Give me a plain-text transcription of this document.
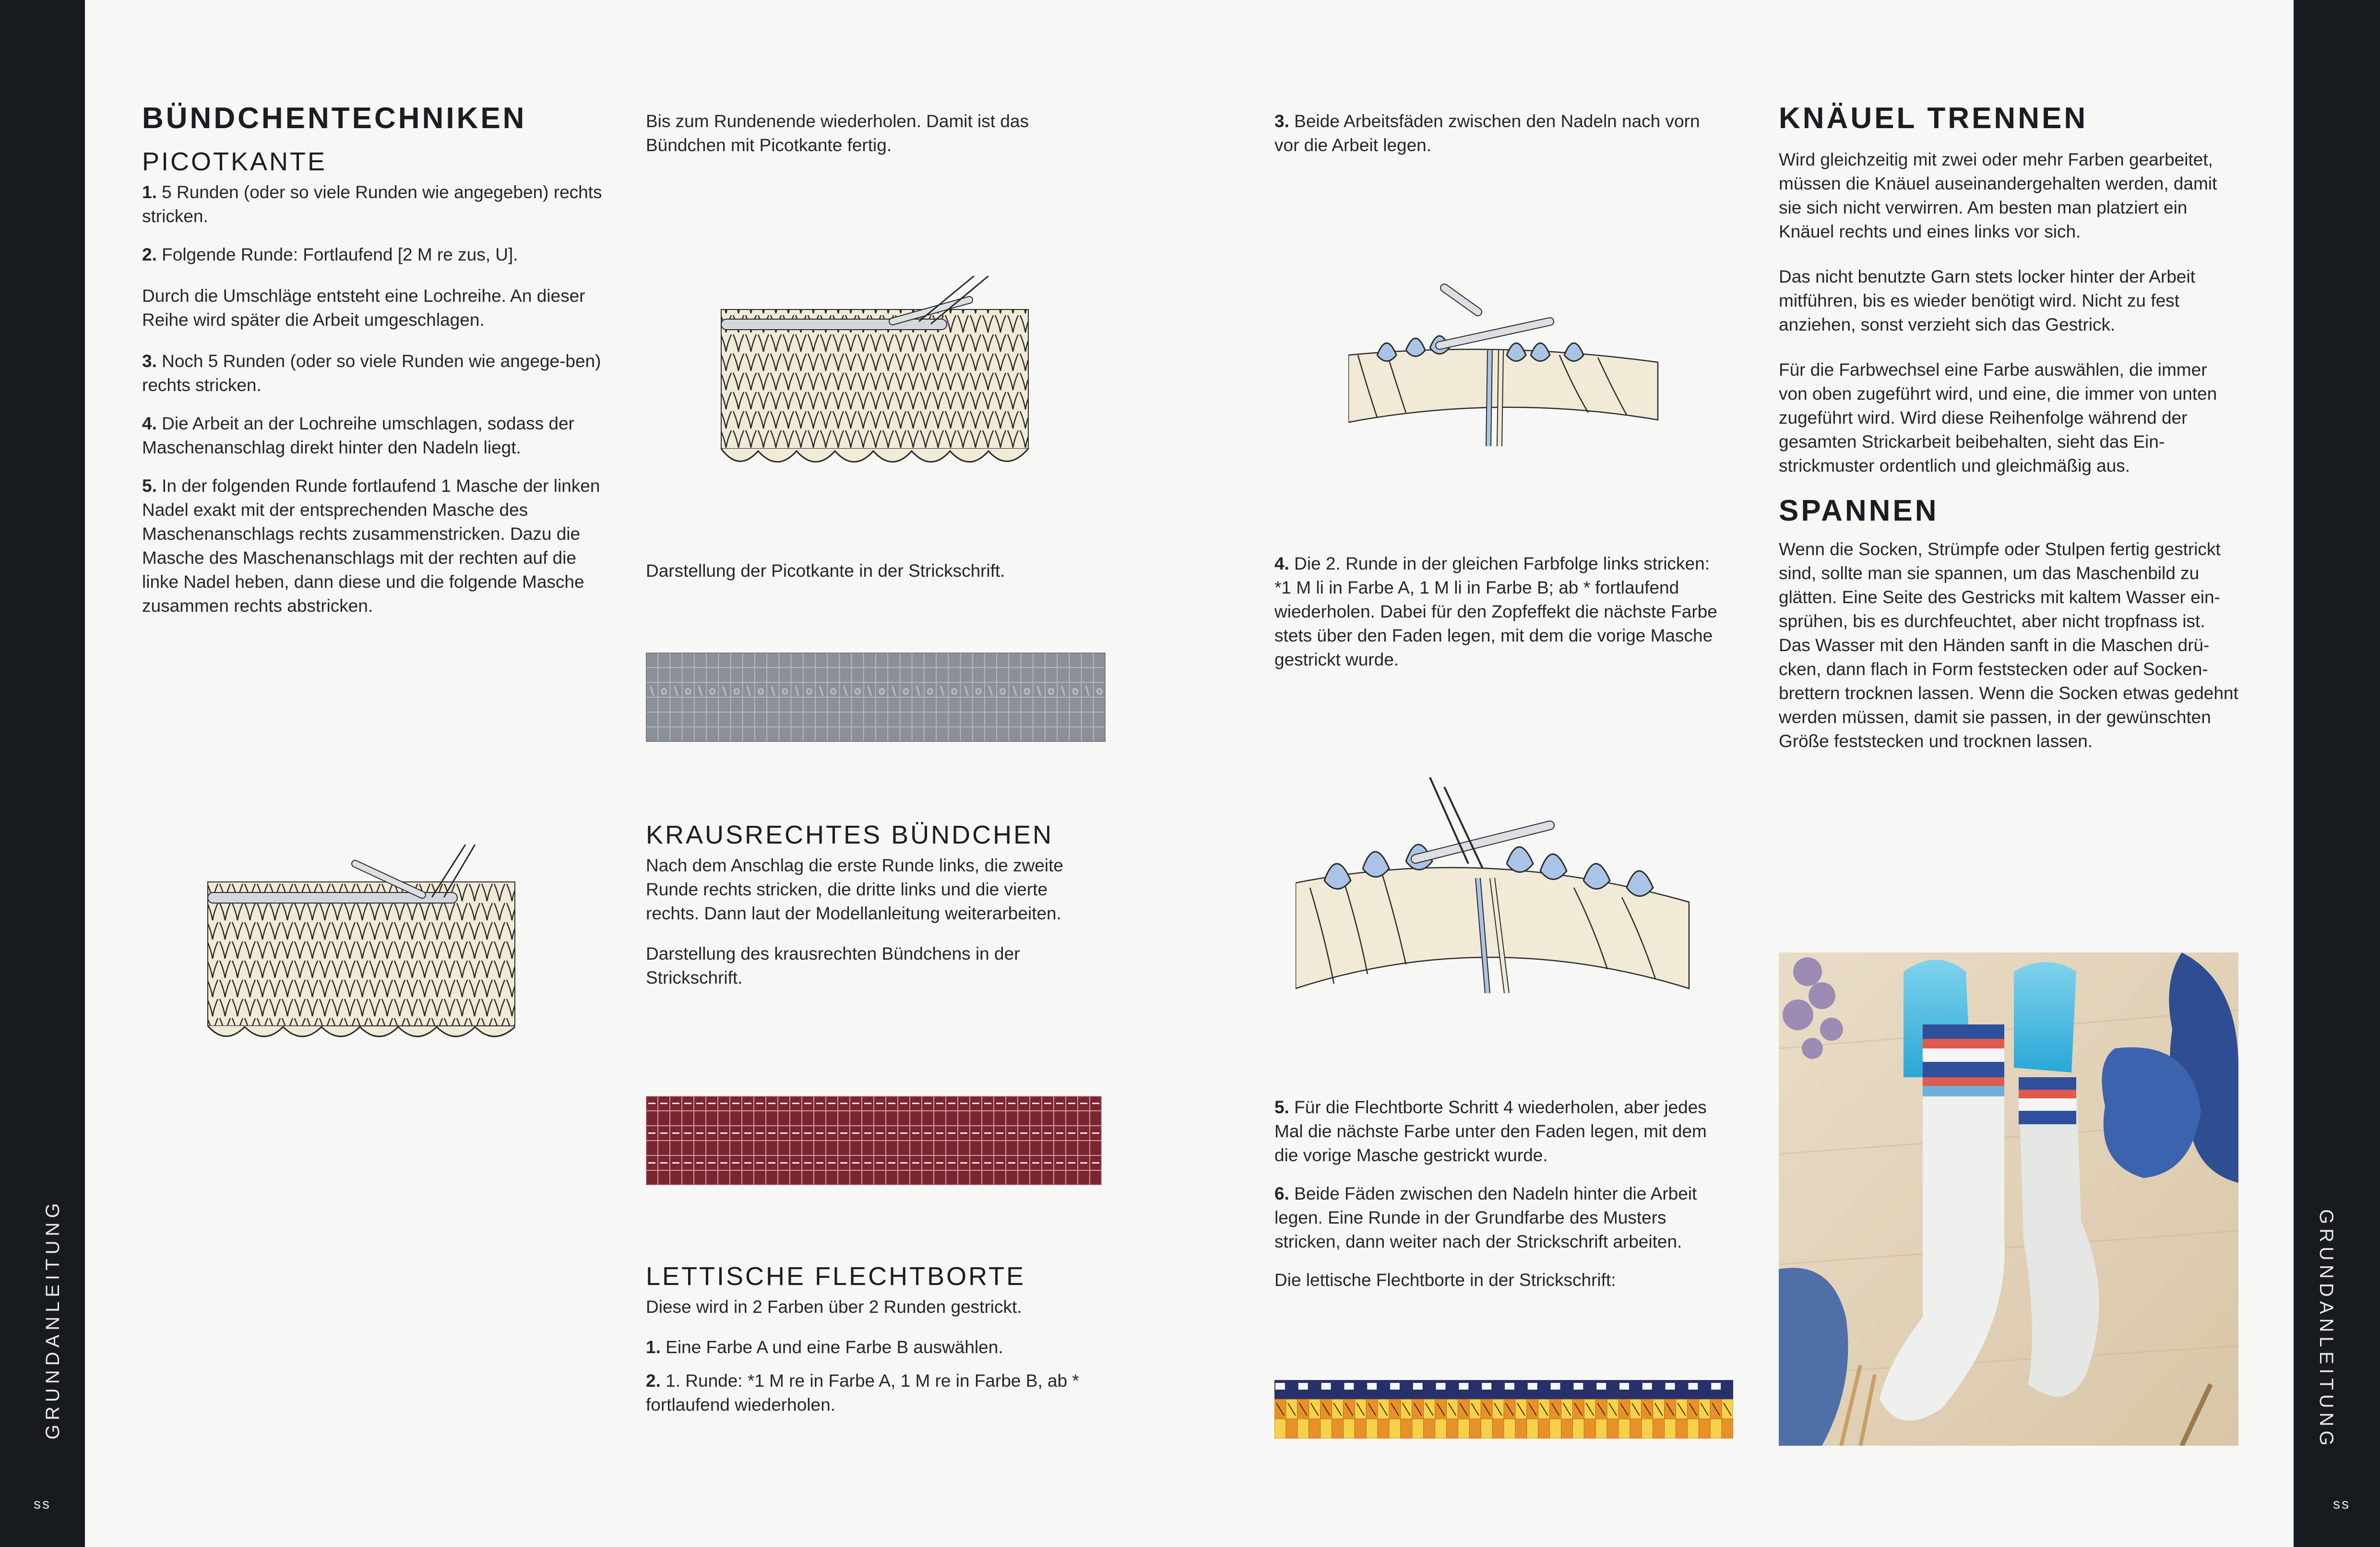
GRUNDANLEITUNG	GRUNDANLEITUNG
ss	ss
BÜNDCHENTECHNIKEN
PICOTKANTE

1. 5 Runden (oder so viele Runden wie angegeben) rechts stricken.

2. Folgende Runde: Fortlaufend [2 M re zus, U].

Durch die Umschläge entsteht eine Lochreihe. An dieser Reihe wird später die Arbeit umgeschlagen.

3. Noch 5 Runden (oder so viele Runden wie angege-ben) rechts stricken.

4. Die Arbeit an der Lochreihe umschlagen, sodass der Maschenanschlag direkt hinter den Nadeln liegt.

5. In der folgenden Runde fortlaufend 1 Masche der linken Nadel exakt mit der entsprechenden Masche des Maschenanschlags rechts zusammenstricken. Dazu die Masche des Maschenanschlags mit der rechten auf die linke Nadel heben, dann diese und die folgende Masche zusammen rechts abstricken.

Bis zum Rundenende wiederholen. Damit ist das Bündchen mit Picotkante fertig.

Darstellung der Picotkante in der Strickschrift.

\ o \ o \ o \ o \ o \ o \ o \ o \ o \ o \ o \ o \ o \ o \ o \ o \ o \ o \ o
KRAUSRECHTES BÜNDCHEN

Nach dem Anschlag die erste Runde links, die zweite Runde rechts stricken, die dritte links und die vierte rechts. Dann laut der Modellanleitung weiterarbeiten.

Darstellung des krausrechten Bündchens in der Strickschrift.

LETTISCHE FLECHTBORTE

Diese wird in 2 Farben über 2 Runden gestrickt.

1. Eine Farbe A und eine Farbe B auswählen.

2. 1. Runde: *1 M re in Farbe A, 1 M re in Farbe B, ab * fortlaufend wiederholen.

3. Beide Arbeitsfäden zwischen den Nadeln nach vorn vor die Arbeit legen.

4. Die 2. Runde in der gleichen Farbfolge links stricken: *1 M li in Farbe A, 1 M li in Farbe B; ab * fortlaufend wiederholen. Dabei für den Zopfeffekt die nächste Farbe stets über den Faden legen, mit dem die vorige Masche gestrickt wurde.

5. Für die Flechtborte Schritt 4 wiederholen, aber jedes Mal die nächste Farbe unter den Faden legen, mit dem die vorige Masche gestrickt wurde.

6. Beide Fäden zwischen den Nadeln hinter die Arbeit legen. Eine Runde in der Grundfarbe des Musters stricken, dann weiter nach der Strickschrift arbeiten.

Die lettische Flechtborte in der Strickschrift:

KNÄUEL TRENNEN

Wird gleichzeitig mit zwei oder mehr Farben gearbeitet, müssen die Knäuel auseinandergehalten werden, damit sie sich nicht verwirren. Am besten man platziert ein Knäuel rechts und eines links vor sich.

Das nicht benutzte Garn stets locker hinter der Arbeit mitführen, bis es wieder benötigt wird. Nicht zu fest anziehen, sonst verzieht sich das Gestrick.

Für die Farbwechsel eine Farbe auswählen, die immer von oben zugeführt wird, und eine, die immer von unten zugeführt wird. Wird diese Reihenfolge während der gesamten Strickarbeit beibehalten, sieht das Ein-strickmuster ordentlich und gleichmäßig aus.

SPANNEN

Wenn die Socken, Strümpfe oder Stulpen fertig gestrickt sind, sollte man sie spannen, um das Maschenbild zu glätten. Eine Seite des Gestricks mit kaltem Wasser ein-sprühen, bis es durchfeuchtet, aber nicht tropfnass ist. Das Wasser mit den Händen sanft in die Maschen drü-cken, dann flach in Form feststecken oder auf Socken-brettern trocknen lassen. Wenn die Socken etwas gedehnt werden müssen, damit sie passen, in der gewünschten Größe feststecken und trocknen lassen.
